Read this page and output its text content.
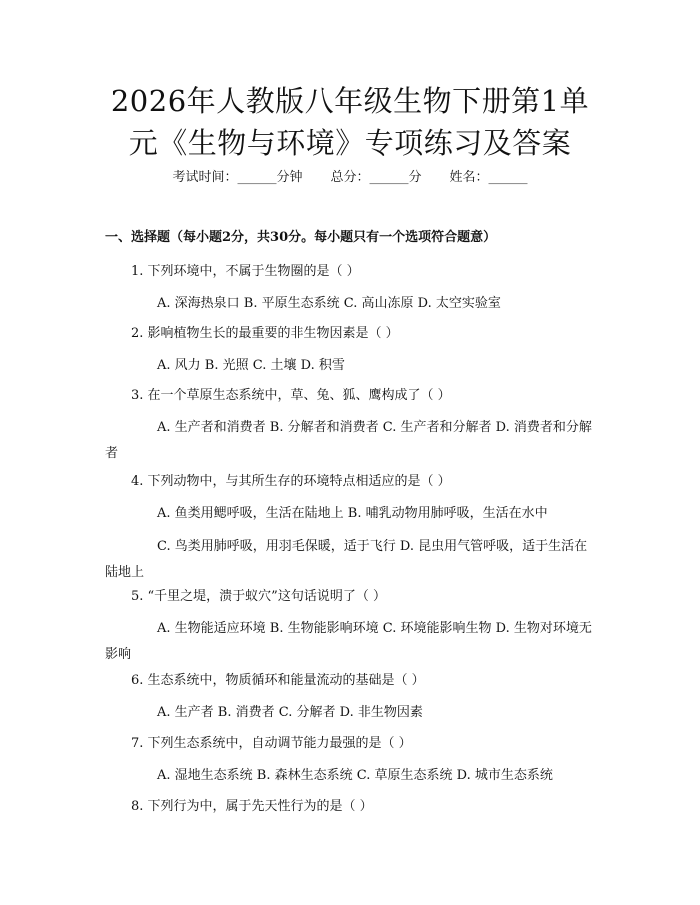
2026年人教版八年级生物下册第1单元《生物与环境》专项练习及答案
考试时间：______分钟 总分：______分 姓名：______
一、选择题（每小题2分，共30分。每小题只有一个选项符合题意）
1. 下列环境中，不属于生物圈的是（ ）
A. 深海热泉口 B. 平原生态系统 C. 高山冻原 D. 太空实验室
2. 影响植物生长的最重要的非生物因素是（ ）
A. 风力 B. 光照 C. 土壤 D. 积雪
3. 在一个草原生态系统中，草、兔、狐、鹰构成了（ ）
A. 生产者和消费者 B. 分解者和消费者 C. 生产者和分解者 D. 消费者和分解者
4. 下列动物中，与其所生存的环境特点相适应的是（ ）
A. 鱼类用鳃呼吸，生活在陆地上 B. 哺乳动物用肺呼吸，生活在水中
C. 鸟类用肺呼吸，用羽毛保暖，适于飞行 D. 昆虫用气管呼吸，适于生活在陆地上
5. “千里之堤，溃于蚁穴”这句话说明了（ ）
A. 生物能适应环境 B. 生物能影响环境 C. 环境能影响生物 D. 生物对环境无影响
6. 生态系统中，物质循环和能量流动的基础是（ ）
A. 生产者 B. 消费者 C. 分解者 D. 非生物因素
7. 下列生态系统中，自动调节能力最强的是（ ）
A. 湿地生态系统 B. 森林生态系统 C. 草原生态系统 D. 城市生态系统
8. 下列行为中，属于先天性行为的是（ ）
